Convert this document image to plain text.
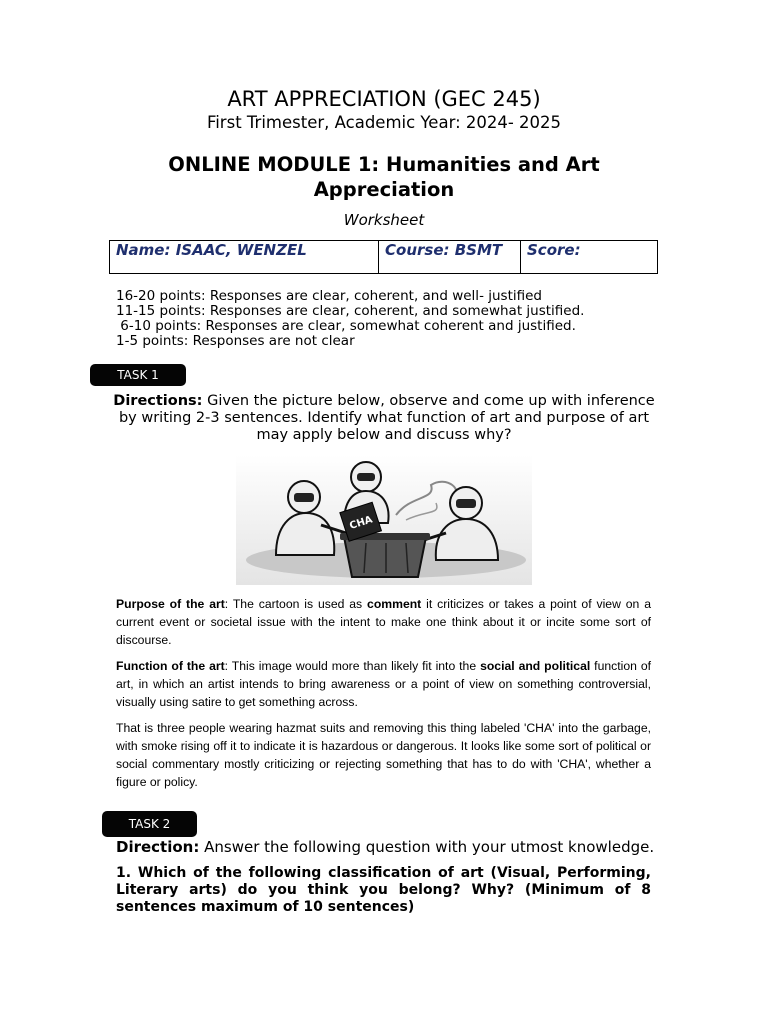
ART APPRECIATION (GEC 245)
First Trimester, Academic Year: 2024- 2025
ONLINE MODULE 1: Humanities and Art Appreciation
Worksheet
Name: ISAAC, WENZEL	Course: BSMT	Score:
16-20 points: Responses are clear, coherent, and well- justified
11-15 points: Responses are clear, coherent, and somewhat justified.
6-10 points: Responses are clear, somewhat coherent and justified.
1-5 points: Responses are not clear
TASK 1
Directions: Given the picture below, observe and come up with inference by writing 2-3 sentences. Identify what function of art and purpose of art may apply below and discuss why?
CHA
Purpose of the art: The cartoon is used as comment it criticizes or takes a point of view on a current event or societal issue with the intent to make one think about it or incite some sort of discourse.
Function of the art: This image would more than likely fit into the social and political function of art, in which an artist intends to bring awareness or a point of view on something controversial, visually using satire to get something across.
That is three people wearing hazmat suits and removing this thing labeled 'CHA' into the garbage, with smoke rising off it to indicate it is hazardous or dangerous. It looks like some sort of political or social commentary mostly criticizing or rejecting something that has to do with 'CHA', whether a figure or policy.
TASK 2
Direction: Answer the following question with your utmost knowledge.
1. Which of the following classification of art (Visual, Performing, Literary arts) do you think you belong? Why? (Minimum of 8 sentences maximum of 10 sentences)
